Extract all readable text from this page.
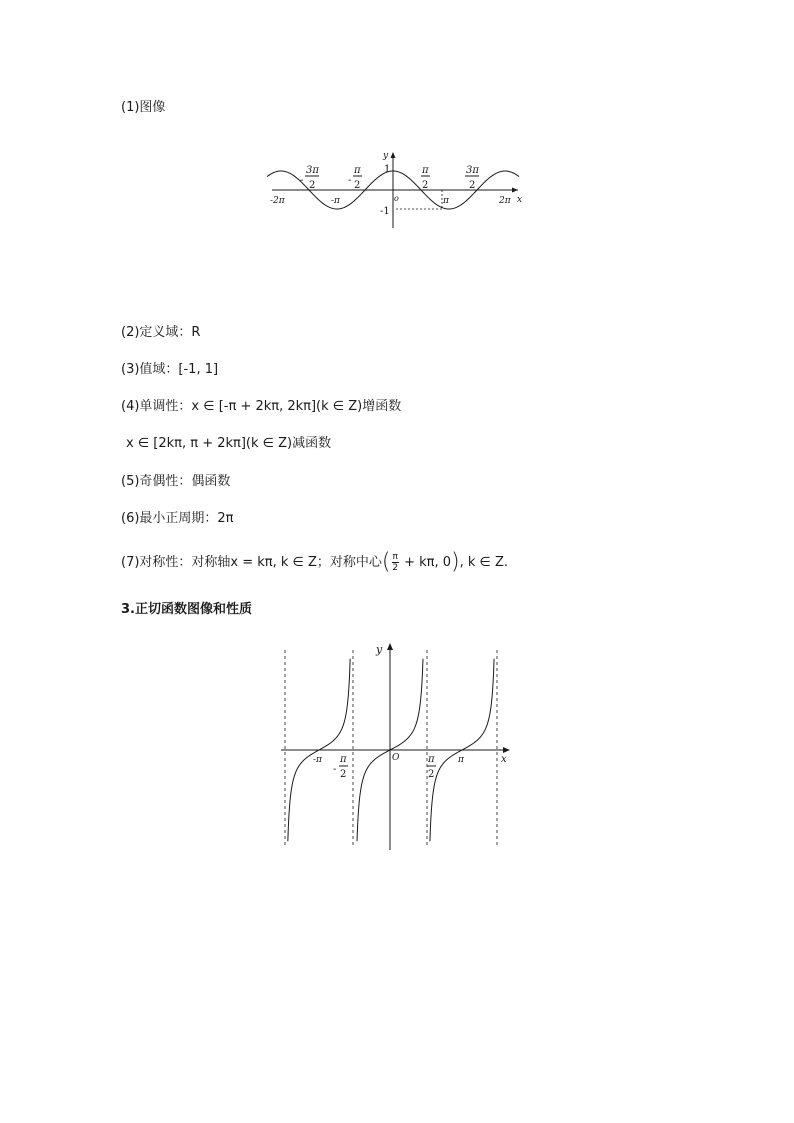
(1)图像
y
x
o
1
-1
-2π	2π
-π	π
-
3π
2	-
π
2
π
2
3π
2
(2)定义域：R
(3)值域：[-1, 1]
(4)单调性：x ∈ [-π + 2kπ, 2kπ](k ∈ Z)增函数
x ∈ [2kπ, π + 2kπ](k ∈ Z)减函数
(5)奇偶性：偶函数
(6)最小正周期：2π
(7)对称性：对称轴x = kπ, k ∈ Z；对称中心( $\frac{\pi}{2} + k\pi$, 0), k ∈ Z.
3.正切函数图像和性质
y
x
O
-π	π
-
π
2
π
2
